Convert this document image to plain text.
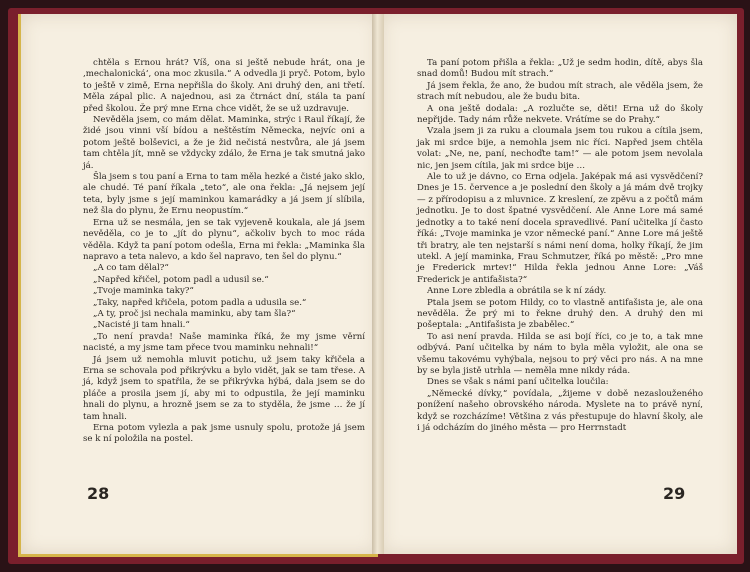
chtěla s Ernou hrát? Víš, ona si ještě nebude hrát, ona je ‚mechalonická‘, ona moc zkusila.“ A odvedla ji pryč. Potom, bylo to ještě v zimě, Erna nepřišla do školy. Ani druhý den, ani třetí. Měla zápal plic. A najednou, asi za čtrnáct dní, stála ta paní před školou. Že prý mne Erna chce vidět, že se už uzdravuje.

Nevěděla jsem, co mám dělat. Maminka, strýc i Raul říkají, že židé jsou vinni vší bídou a neštěstím Německa, nejvíc oni a potom ještě bolševici, a že je žid nečistá nestvůra, ale já jsem tam chtěla jít, mně se vždycky zdálo, že Erna je tak smutná jako já.

Šla jsem s tou paní a Erna to tam měla hezké a čisté jako sklo, ale chudé. Té paní říkala „teto“, ale ona řekla: „Já nejsem její teta, byly jsme s její maminkou kamarádky a já jsem jí slíbila, než šla do plynu, že Ernu neopustím.“

Erna už se nesmála, jen se tak vyjeveně koukala, ale já jsem nevěděla, co je to „jít do plynu“, ačkoliv bych to moc ráda věděla. Když ta paní potom odešla, Erna mi řekla: „Maminka šla napravo a teta nalevo, a kdo šel napravo, ten šel do plynu.“

„A co tam dělal?“

„Napřed křičel, potom padl a udusil se.“

„Tvoje maminka taky?“

„Taky, napřed křičela, potom padla a udusila se.“

„A ty, proč jsi nechala maminku, aby tam šla?“

„Nacisté ji tam hnali.“

„To není pravda! Naše maminka říká, že my jsme věrní nacisté, a my jsme tam přece tvou maminku nehnali!“

Já jsem už nemohla mluvit potichu, už jsem taky křičela a Erna se schovala pod přikrývku a bylo vidět, jak se tam třese. A já, když jsem to spatřila, že se přikrývka hýbá, dala jsem se do pláče a prosila jsem jí, aby mi to odpustila, že její maminku hnali do plynu, a hrozně jsem se za to styděla, že jsme … že jí tam hnali.

Erna potom vylezla a pak jsme usnuly spolu, protože já jsem se k ní položila na postel.

28

Ta paní potom přišla a řekla: „Už je sedm hodin, dítě, abys šla snad domů! Budou mít strach.“

Já jsem řekla, že ano, že budou mít strach, ale věděla jsem, že strach mít nebudou, ale že budu bita.

A ona ještě dodala: „A rozlučte se, děti! Erna už do školy nepřijde. Tady nám růže nekvete. Vrátíme se do Prahy.“

Vzala jsem ji za ruku a cloumala jsem tou rukou a cítila jsem, jak mi srdce bije, a nemohla jsem nic říci. Napřed jsem chtěla volat: „Ne, ne, paní, nechoďte tam!“ — ale potom jsem nevolala nic, jen jsem cítila, jak mi srdce bije …

Ale to už je dávno, co Erna odjela. Jaképak má asi vysvědčení? Dnes je 15. července a je poslední den školy a já mám dvě trojky — z přírodopisu a z mluvnice. Z kreslení, ze zpěvu a z počtů mám jednotku. Je to dost špatné vysvědčení. Ale Anne Lore má samé jednotky a to také není docela spravedlivé. Paní učitelka jí často říká: „Tvoje maminka je vzor německé paní.“ Anne Lore má ještě tři bratry, ale ten nejstarší s námi není doma, holky říkají, že jim utekl. A její maminka, Frau Schmutzer, říká po městě: „Pro mne je Frederick mrtev!“ Hilda řekla jednou Anne Lore: „Váš Frederick je antifašista?“

Anne Lore zbledla a obrátila se k ní zády.

Ptala jsem se potom Hildy, co to vlastně antifašista je, ale ona nevěděla. Že prý mi to řekne druhý den. A druhý den mi pošeptala: „Antifašista je zbabělec.“

To asi není pravda. Hilda se asi bojí říci, co je to, a tak mne odbývá. Paní učitelka by nám to byla měla vyložit, ale ona se všemu takovému vyhýbala, nejsou to prý věci pro nás. A na mne by se byla jistě utrhla — neměla mne nikdy ráda.

Dnes se však s námi paní učitelka loučila:

„Německé dívky,“ povídala, „žijeme v době nezaslouženého ponížení našeho obrovského národa. Myslete na to právě nyní, když se rozcházíme! Většina z vás přestupuje do hlavní školy, ale i já odcházím do jiného města — pro Herrnstadt

29
